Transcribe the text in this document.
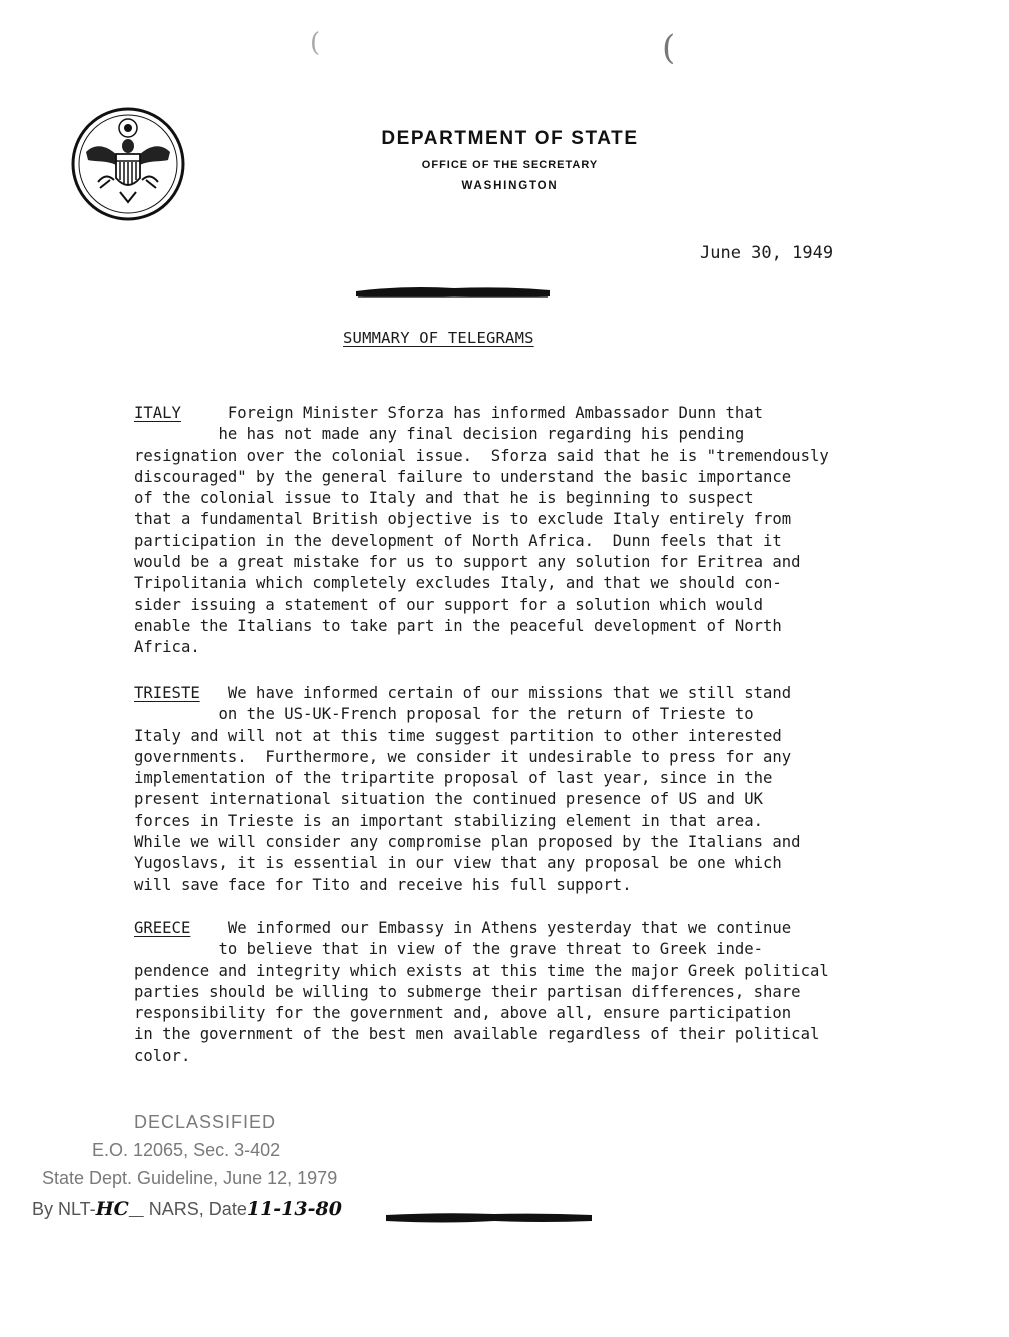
(	(
DEPARTMENT OF STATE
OFFICE OF THE SECRETARY
WASHINGTON
June 30, 1949
SUMMARY OF TELEGRAMS
ITALY	Foreign Minister Sforza has informed Ambassador Dunn that
he has not made any final decision regarding his pending
resignation over the colonial issue.  Sforza said that he is "tremendously
discouraged" by the general failure to understand the basic importance
of the colonial issue to Italy and that he is beginning to suspect
that a fundamental British objective is to exclude Italy entirely from
participation in the development of North Africa.  Dunn feels that it
would be a great mistake for us to support any solution for Eritrea and
Tripolitania which completely excludes Italy, and that we should con-
sider issuing a statement of our support for a solution which would
enable the Italians to take part in the peaceful development of North
Africa.
TRIESTE We have informed certain of our missions that we still stand
on the US-UK-French proposal for the return of Trieste to
Italy and will not at this time suggest partition to other interested
governments.  Furthermore, we consider it undesirable to press for any
implementation of the tripartite proposal of last year, since in the
present international situation the continued presence of US and UK
forces in Trieste is an important stabilizing element in that area.
While we will consider any compromise plan proposed by the Italians and
Yugoslavs, it is essential in our view that any proposal be one which
will save face for Tito and receive his full support.
GREECE We informed our Embassy in Athens yesterday that we continue
to believe that in view of the grave threat to Greek inde-
pendence and integrity which exists at this time the major Greek political
parties should be willing to submerge their partisan differences, share
responsibility for the government and, above all, ensure participation
in the government of the best men available regardless of their political
color.
DECLASSIFIED
E.O. 12065, Sec. 3-402
State Dept. Guideline, June 12, 1979
By NLT-HC NARS, Date11-13-80
